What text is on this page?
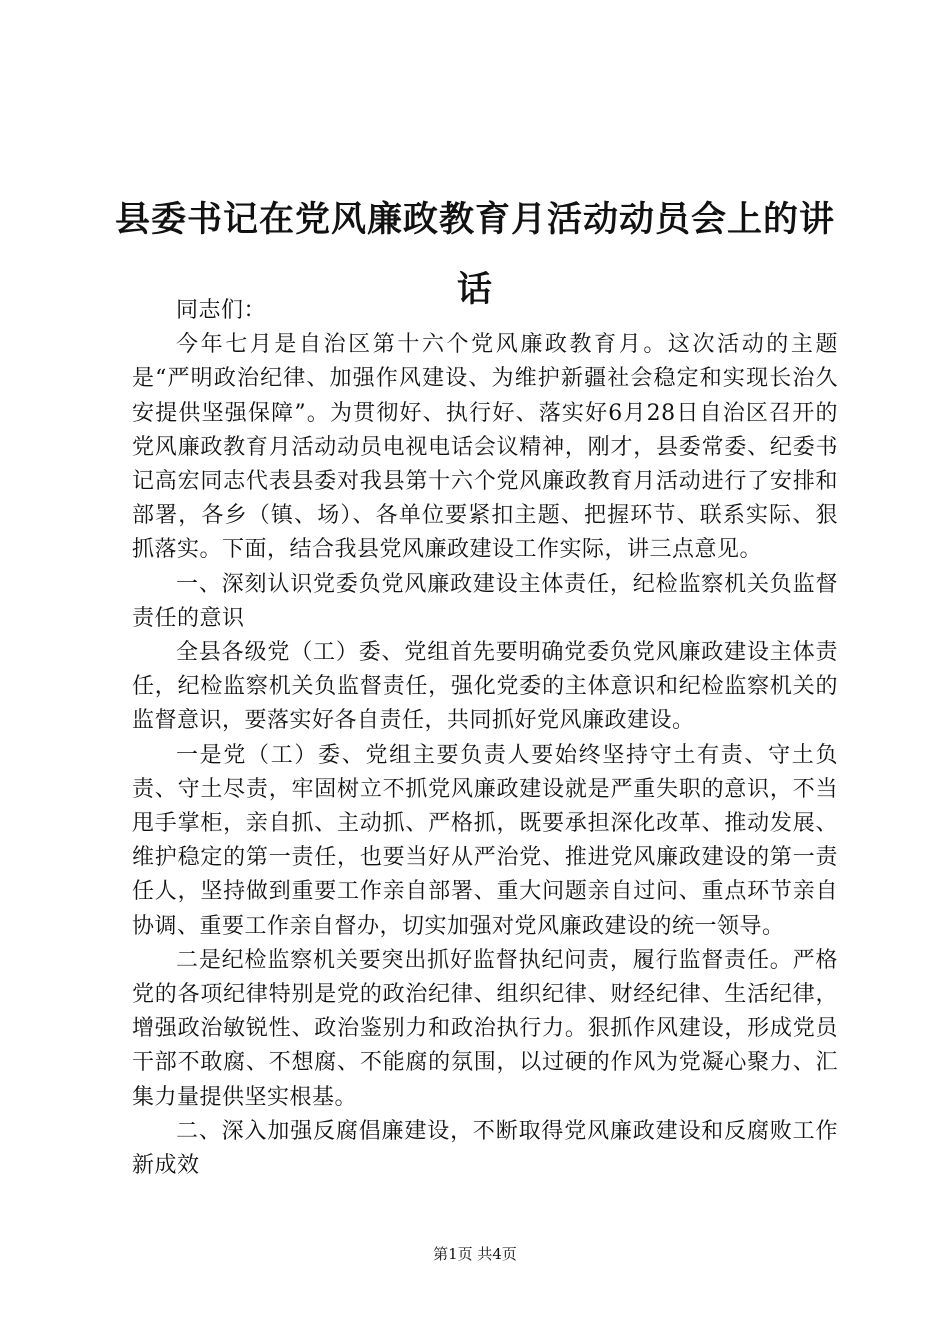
县委书记在党风廉政教育月活动动员会上的讲话

同志们：

今年七月是自治区第十六个党风廉政教育月。这次活动的主题是“严明政治纪律、加强作风建设、为维护新疆社会稳定和实现长治久安提供坚强保障”。为贯彻好、执行好、落实好6月28日自治区召开的党风廉政教育月活动动员电视电话会议精神，刚才，县委常委、纪委书记高宏同志代表县委对我县第十六个党风廉政教育月活动进行了安排和部署，各乡（镇、场）、各单位要紧扣主题、把握环节、联系实际、狠抓落实。下面，结合我县党风廉政建设工作实际，讲三点意见。

一、深刻认识党委负党风廉政建设主体责任，纪检监察机关负监督责任的意识

全县各级党（工）委、党组首先要明确党委负党风廉政建设主体责任，纪检监察机关负监督责任，强化党委的主体意识和纪检监察机关的监督意识，要落实好各自责任，共同抓好党风廉政建设。

一是党（工）委、党组主要负责人要始终坚持守土有责、守土负责、守土尽责，牢固树立不抓党风廉政建设就是严重失职的意识，不当甩手掌柜，亲自抓、主动抓、严格抓，既要承担深化改革、推动发展、维护稳定的第一责任，也要当好从严治党、推进党风廉政建设的第一责任人，坚持做到重要工作亲自部署、重大问题亲自过问、重点环节亲自协调、重要工作亲自督办，切实加强对党风廉政建设的统一领导。

二是纪检监察机关要突出抓好监督执纪问责，履行监督责任。严格党的各项纪律特别是党的政治纪律、组织纪律、财经纪律、生活纪律，增强政治敏锐性、政治鉴别力和政治执行力。狠抓作风建设，形成党员干部不敢腐、不想腐、不能腐的氛围，以过硬的作风为党凝心聚力、汇集力量提供坚实根基。

二、深入加强反腐倡廉建设，不断取得党风廉政建设和反腐败工作新成效

第1页 共4页
